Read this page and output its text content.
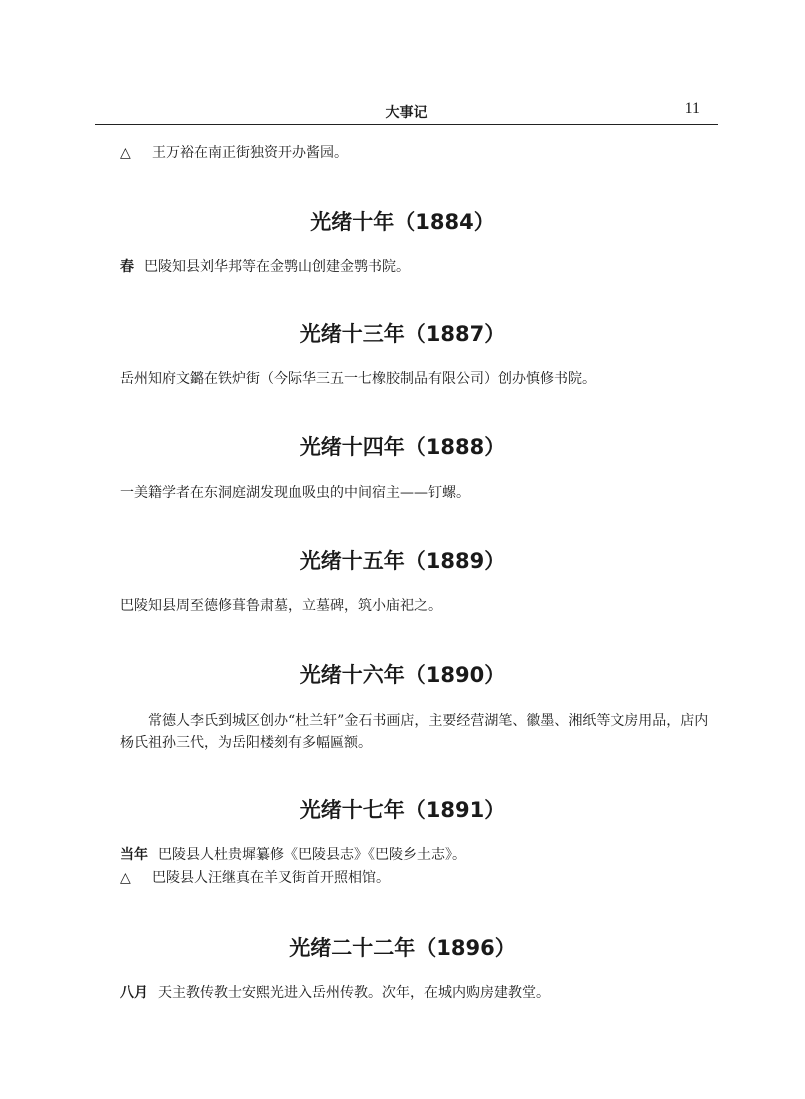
大事记	11
△ 王万裕在南正街独资开办酱园。
光绪十年（1884）
春 巴陵知县刘华邦等在金鹗山创建金鹗书院。
光绪十三年（1887）
岳州知府文鏴在铁炉街（今际华三五一七橡胶制品有限公司）创办慎修书院。
光绪十四年（1888）
一美籍学者在东洞庭湖发现血吸虫的中间宿主——钉螺。
光绪十五年（1889）
巴陵知县周至德修葺鲁肃墓，立墓碑，筑小庙祀之。
光绪十六年（1890）
常德人李氏到城区创办“杜兰轩”金石书画店，主要经营湖笔、徽墨、湘纸等文房用品，店内杨氏祖孙三代，为岳阳楼刻有多幅匾额。
光绪十七年（1891）
当年 巴陵县人杜贵墀纂修《巴陵县志》《巴陵乡土志》。
△ 巴陵县人汪继真在羊叉街首开照相馆。
光绪二十二年（1896）
八月 天主教传教士安熙光进入岳州传教。次年，在城内购房建教堂。
